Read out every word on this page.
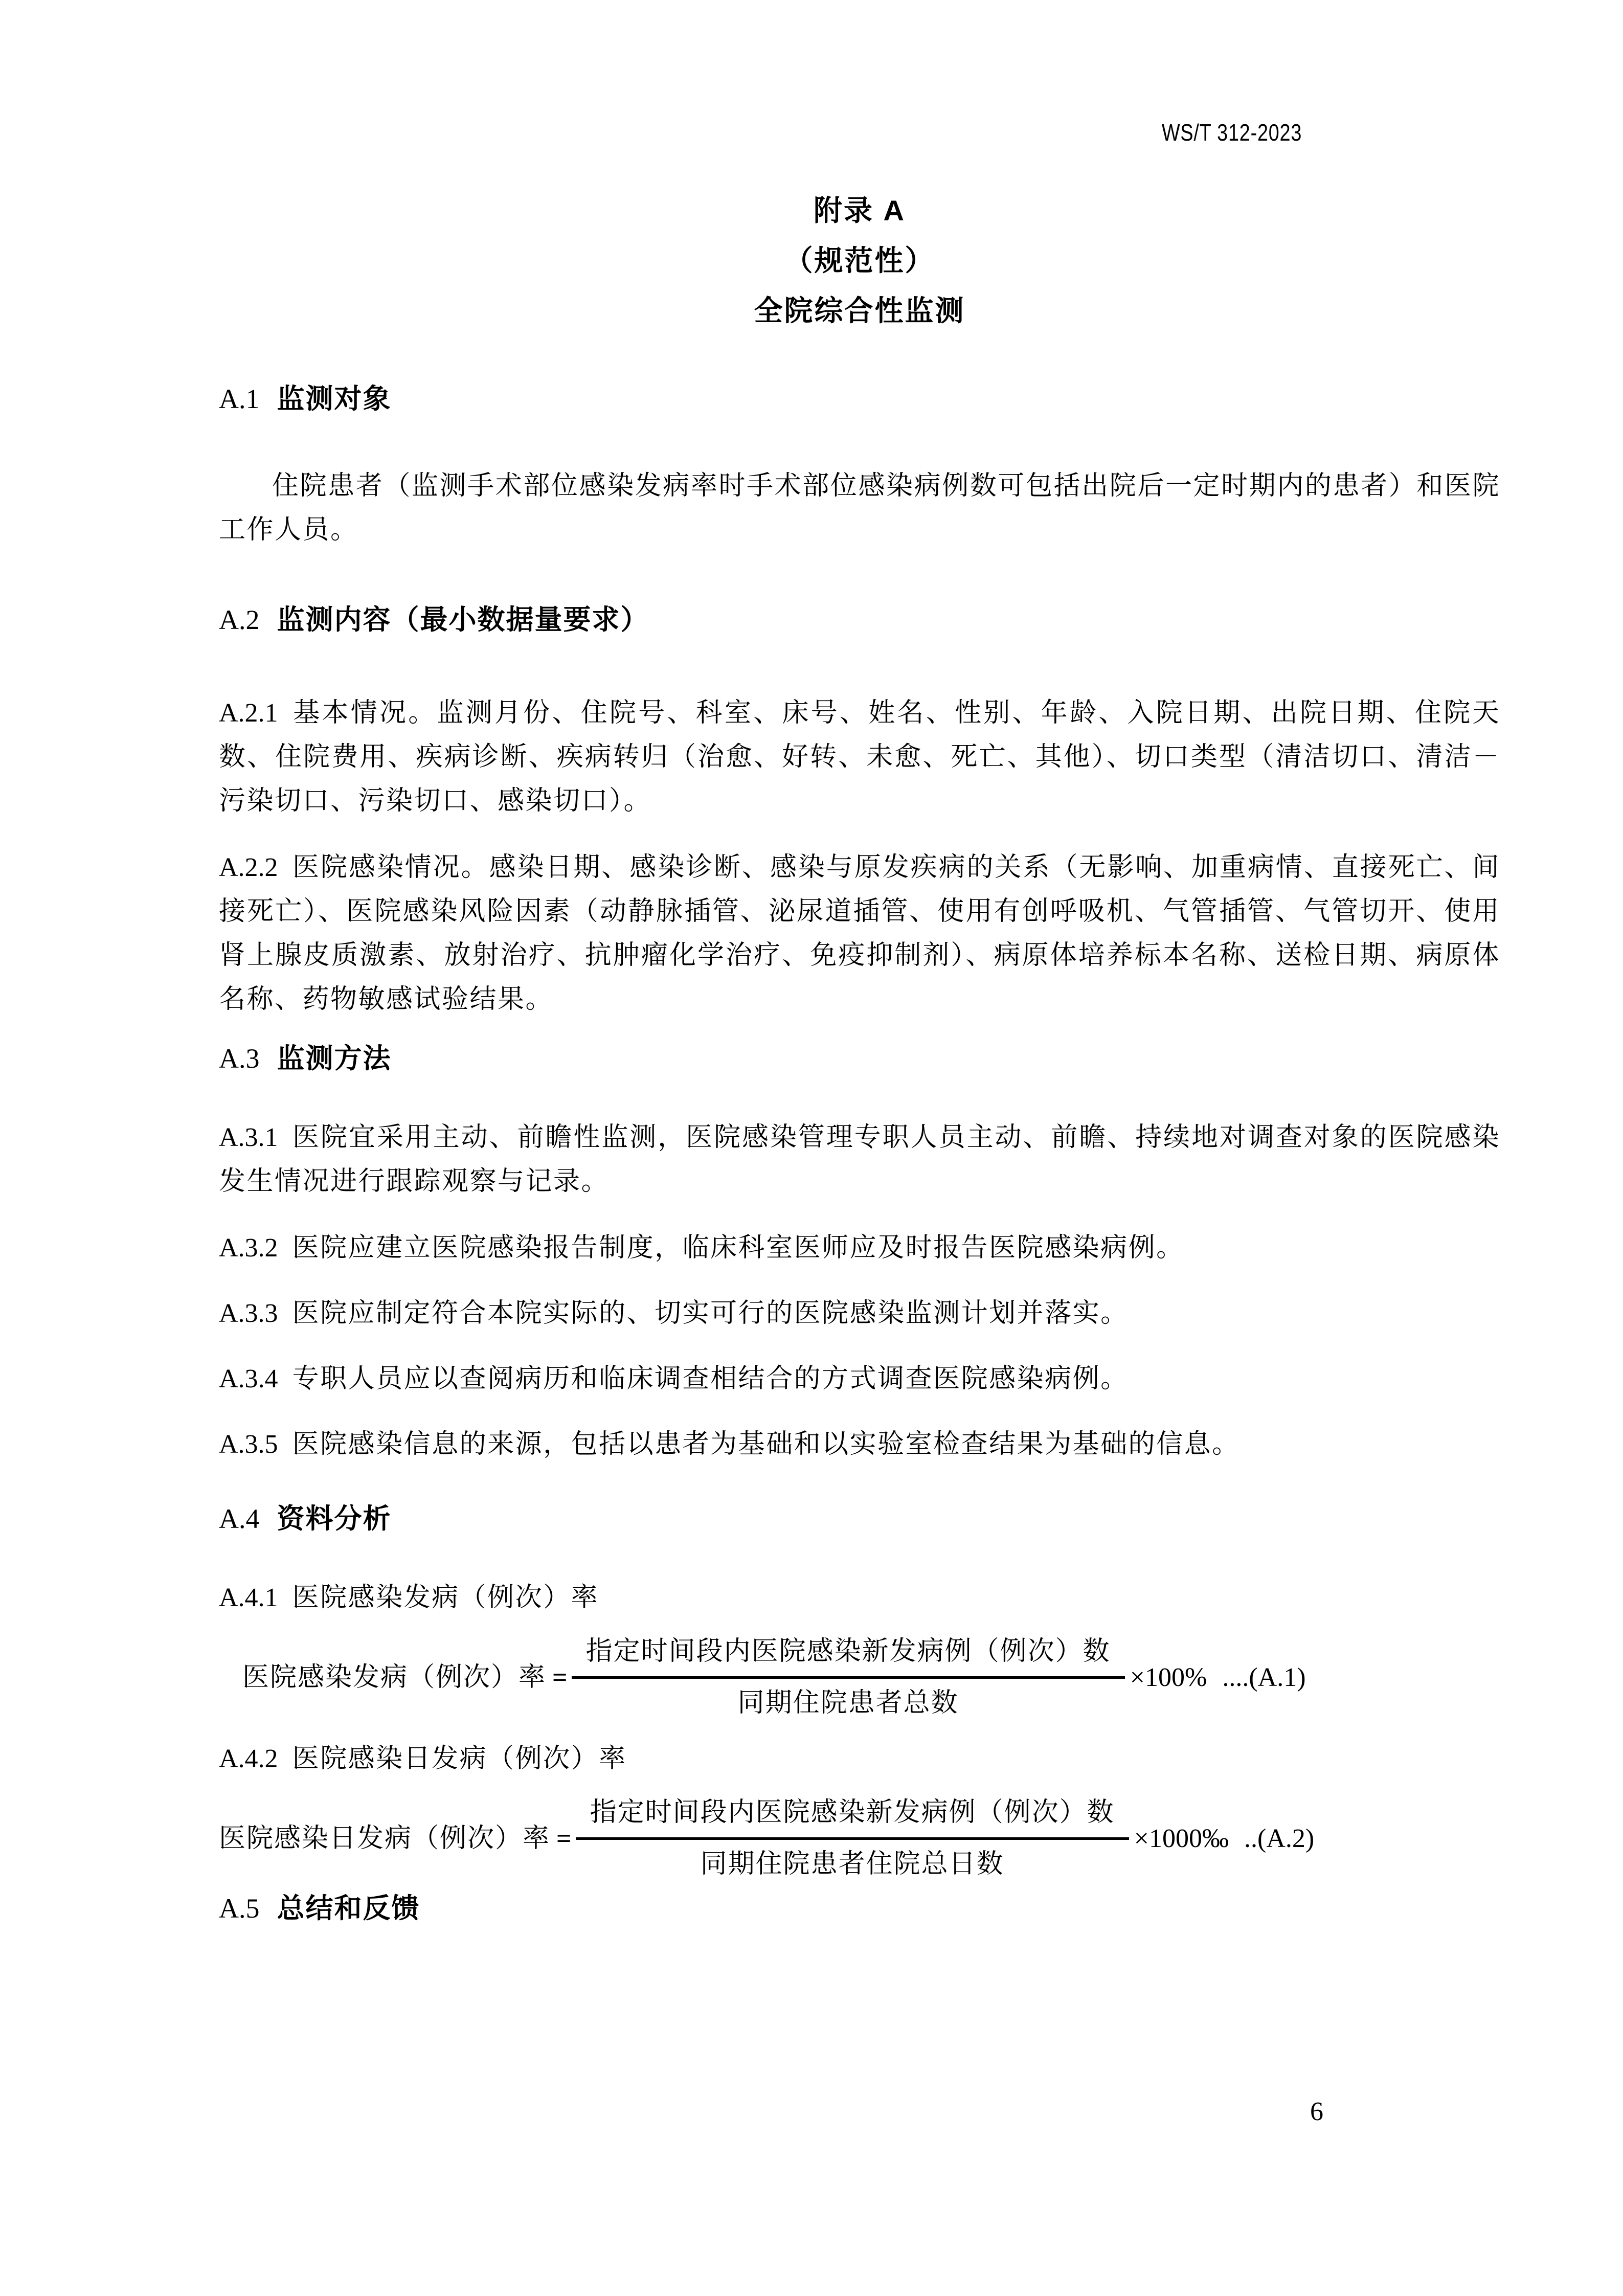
WS/T 312-2023
附录 A
（规范性）
全院综合性监测
A.1 监测对象

住院患者（监测手术部位感染发病率时手术部位感染病例数可包括出院后一定时期内的患者）和医院工作人员。

A.2 监测内容（最小数据量要求）

A.2.1 基本情况。监测月份、住院号、科室、床号、姓名、性别、年龄、入院日期、出院日期、住院天数、住院费用、疾病诊断、疾病转归（治愈、好转、未愈、死亡、其他）、切口类型（清洁切口、清洁－污染切口、污染切口、感染切口）。

A.2.2 医院感染情况。感染日期、感染诊断、感染与原发疾病的关系（无影响、加重病情、直接死亡、间接死亡）、医院感染风险因素（动静脉插管、泌尿道插管、使用有创呼吸机、气管插管、气管切开、使用肾上腺皮质激素、放射治疗、抗肿瘤化学治疗、免疫抑制剂）、病原体培养标本名称、送检日期、病原体名称、药物敏感试验结果。

A.3 监测方法

A.3.1 医院宜采用主动、前瞻性监测，医院感染管理专职人员主动、前瞻、持续地对调查对象的医院感染发生情况进行跟踪观察与记录。

A.3.2 医院应建立医院感染报告制度，临床科室医师应及时报告医院感染病例。

A.3.3 医院应制定符合本院实际的、切实可行的医院感染监测计划并落实。

A.3.4 专职人员应以查阅病历和临床调查相结合的方式调查医院感染病例。

A.3.5 医院感染信息的来源，包括以患者为基础和以实验室检查结果为基础的信息。

A.4 资料分析

A.4.1 医院感染发病（例次）率

医院感染发病（例次）率 = $\frac{\text{指定时间段内医院感染新发病例（例次）数}}{\text{同期住院患者总数}} \times 100\%$ ....(A.1)

A.4.2 医院感染日发病（例次）率

医院感染日发病（例次）率 = $\frac{\text{指定时间段内医院感染新发病例（例次）数}}{\text{同期住院患者住院总日数}}$ ×1000‰ ..(A.2)
A.5 总结和反馈
6
